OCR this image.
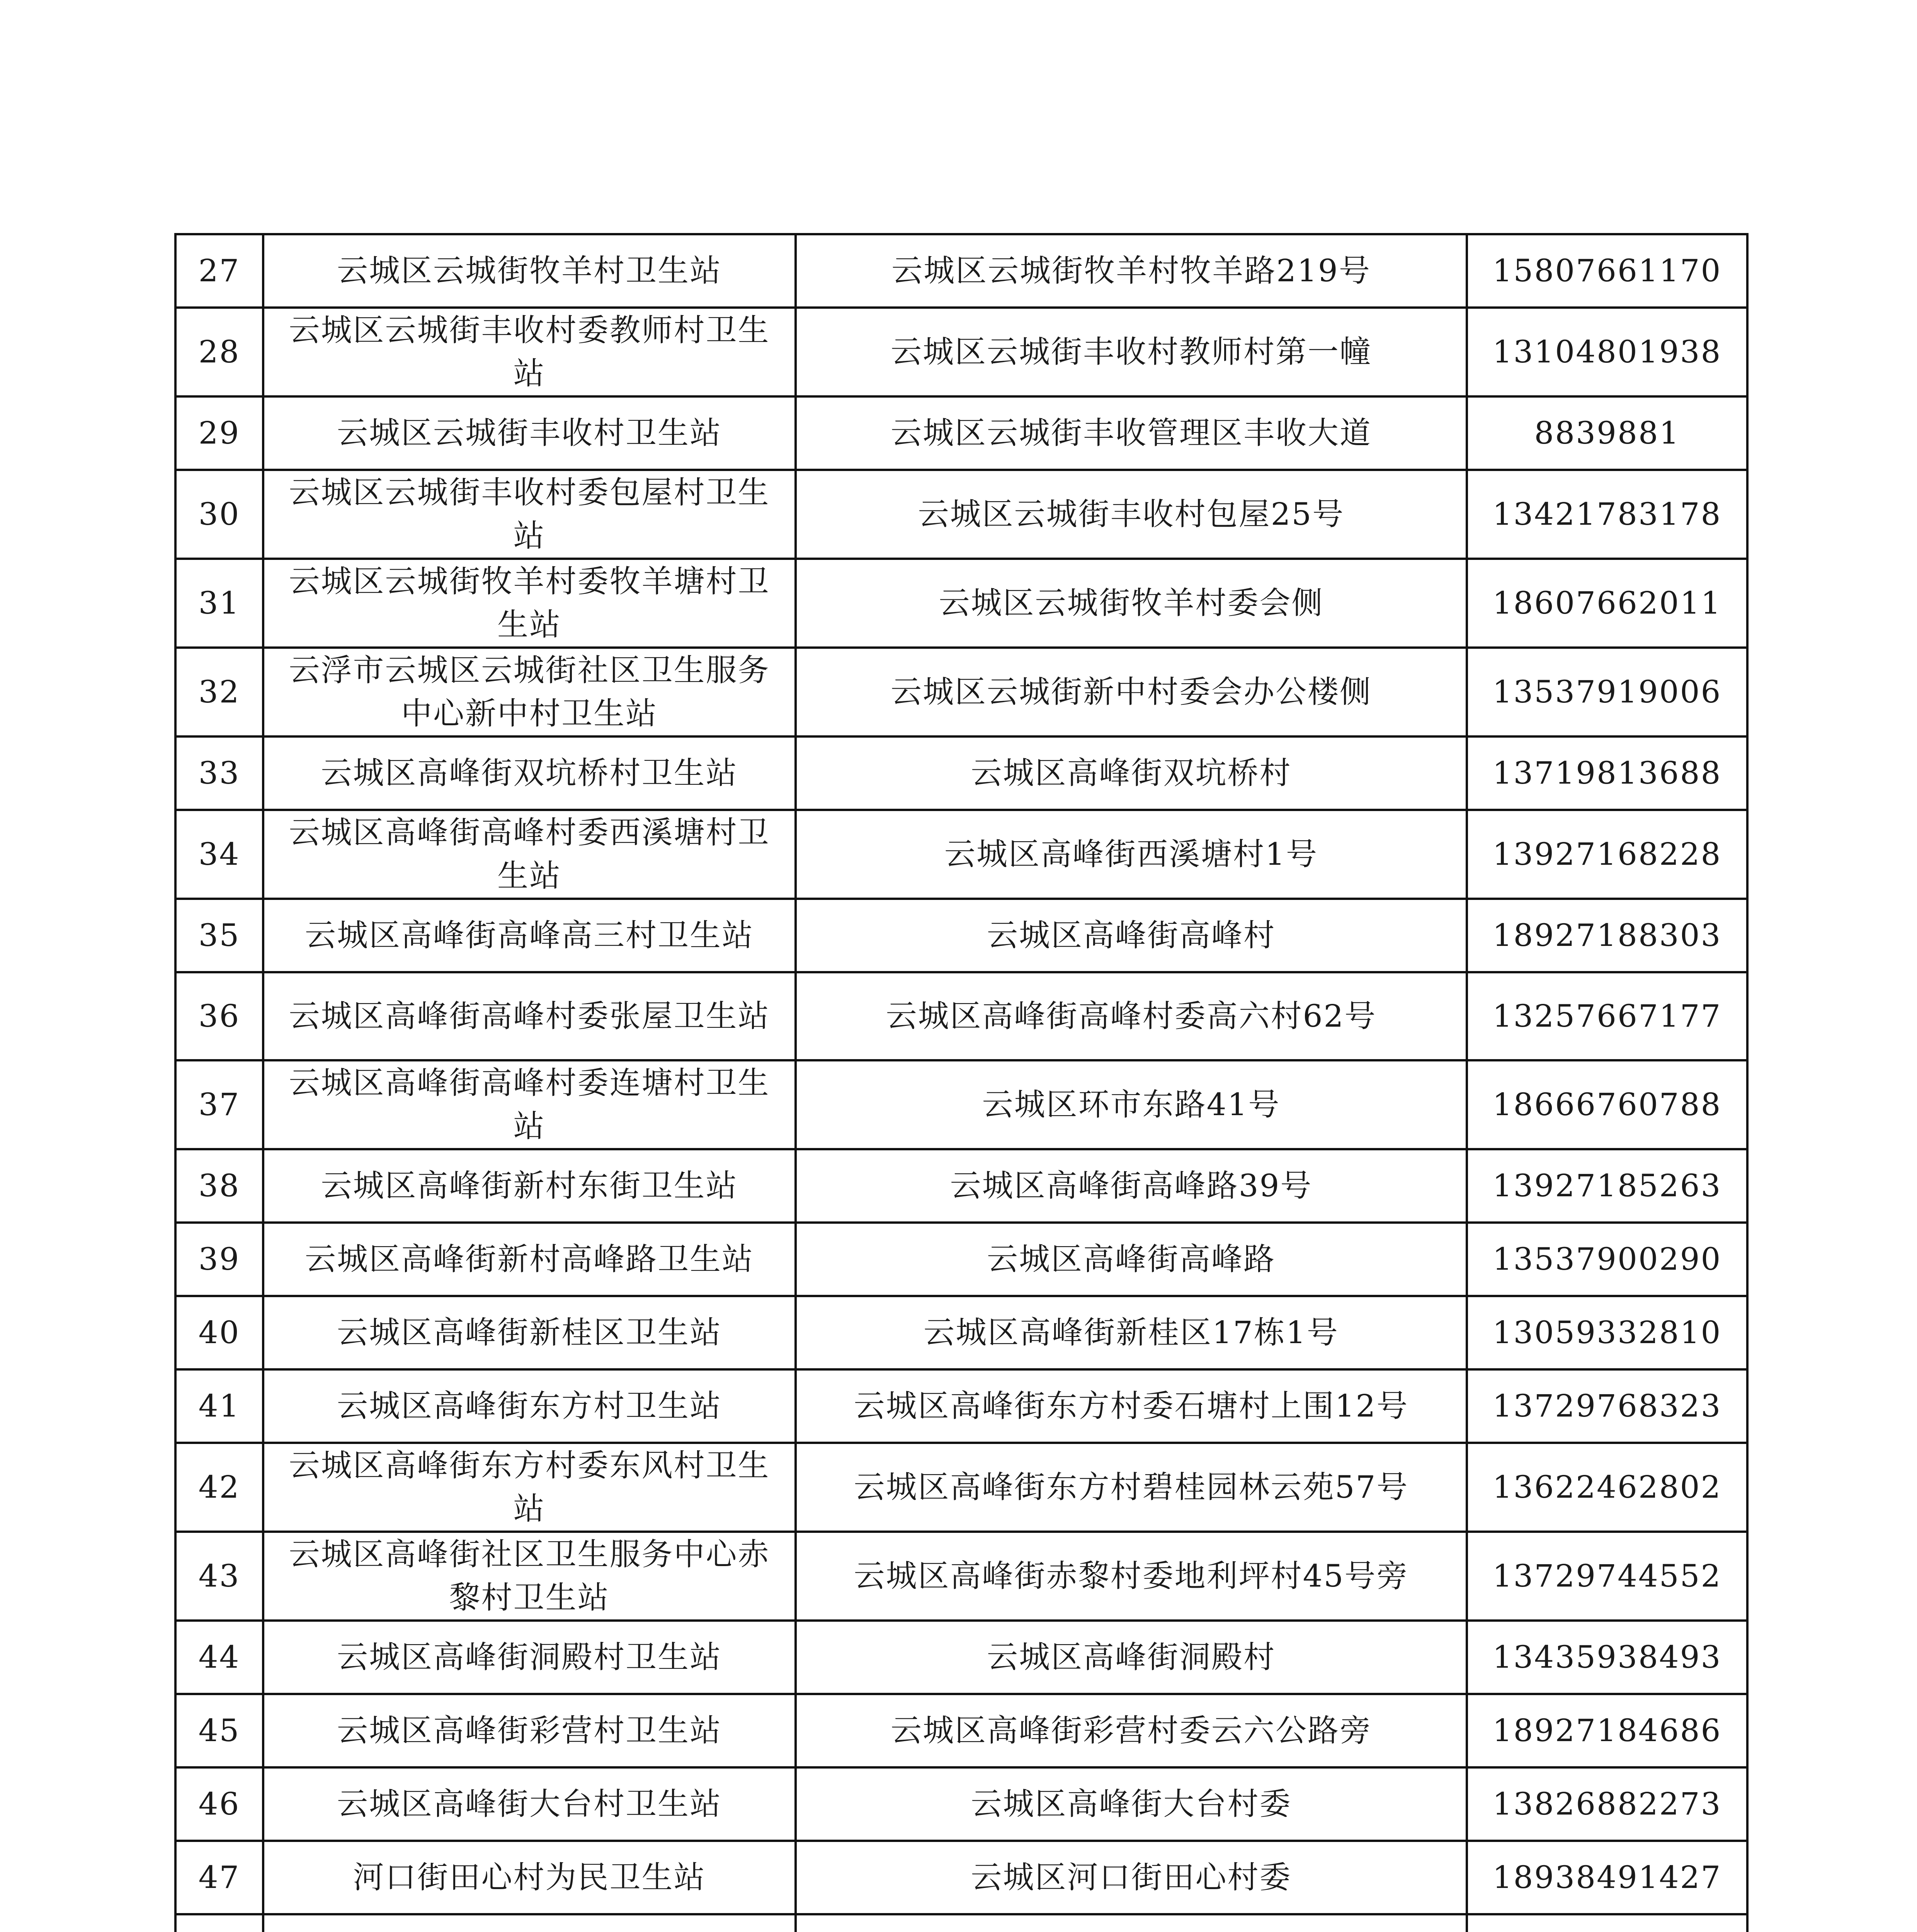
27	云城区云城街牧羊村卫生站	云城区云城街牧羊村牧羊路219号	15807661170
28	云城区云城街丰收村委教师村卫生站	云城区云城街丰收村教师村第一幢	13104801938
29	云城区云城街丰收村卫生站	云城区云城街丰收管理区丰收大道	8839881
30	云城区云城街丰收村委包屋村卫生站	云城区云城街丰收村包屋25号	13421783178
31	云城区云城街牧羊村委牧羊塘村卫生站	云城区云城街牧羊村委会侧	18607662011
32	云浮市云城区云城街社区卫生服务中心新中村卫生站	云城区云城街新中村委会办公楼侧	13537919006
33	云城区高峰街双坑桥村卫生站	云城区高峰街双坑桥村	13719813688
34	云城区高峰街高峰村委西溪塘村卫生站	云城区高峰街西溪塘村1号	13927168228
35	云城区高峰街高峰高三村卫生站	云城区高峰街高峰村	18927188303
36	云城区高峰街高峰村委张屋卫生站	云城区高峰街高峰村委高六村62号	13257667177
37	云城区高峰街高峰村委连塘村卫生站	云城区环市东路41号	18666760788
38	云城区高峰街新村东街卫生站	云城区高峰街高峰路39号	13927185263
39	云城区高峰街新村高峰路卫生站	云城区高峰街高峰路	13537900290
40	云城区高峰街新桂区卫生站	云城区高峰街新桂区17栋1号	13059332810
41	云城区高峰街东方村卫生站	云城区高峰街东方村委石塘村上围12号	13729768323
42	云城区高峰街东方村委东风村卫生站	云城区高峰街东方村碧桂园林云苑57号	13622462802
43	云城区高峰街社区卫生服务中心赤黎村卫生站	云城区高峰街赤黎村委地利坪村45号旁	13729744552
44	云城区高峰街洞殿村卫生站	云城区高峰街洞殿村	13435938493
45	云城区高峰街彩营村卫生站	云城区高峰街彩营村委云六公路旁	18927184686
46	云城区高峰街大台村卫生站	云城区高峰街大台村委	13826882273
47	河口街田心村为民卫生站	云城区河口街田心村委	18938491427
